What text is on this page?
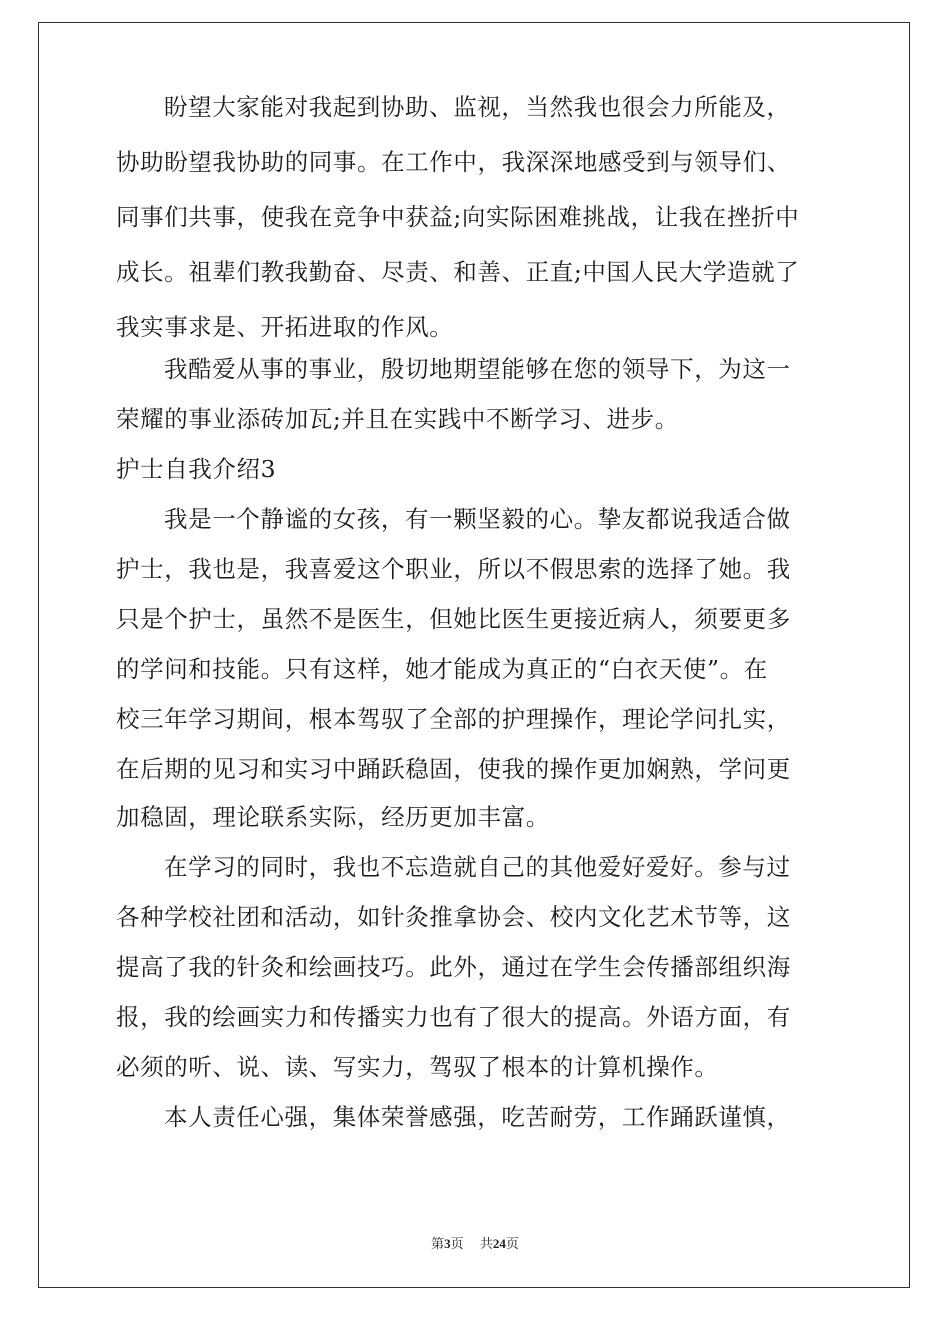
盼望大家能对我起到协助、监视，当然我也很会力所能及，
协助盼望我协助的同事。在工作中，我深深地感受到与领导们、
同事们共事，使我在竞争中获益;向实际困难挑战，让我在挫折中
成长。祖辈们教我勤奋、尽责、和善、正直;中国人民大学造就了
我实事求是、开拓进取的作风。
我酷爱从事的事业，殷切地期望能够在您的领导下，为这一
荣耀的事业添砖加瓦;并且在实践中不断学习、进步。
护士自我介绍3
我是一个静谧的女孩，有一颗坚毅的心。挚友都说我适合做
护士，我也是，我喜爱这个职业，所以不假思索的选择了她。我
只是个护士，虽然不是医生，但她比医生更接近病人，须要更多
的学问和技能。只有这样，她才能成为真正的“白衣天使”。在
校三年学习期间，根本驾驭了全部的护理操作，理论学问扎实，
在后期的见习和实习中踊跃稳固，使我的操作更加娴熟，学问更
加稳固，理论联系实际，经历更加丰富。
在学习的同时，我也不忘造就自己的其他爱好爱好。参与过
各种学校社团和活动，如针灸推拿协会、校内文化艺术节等，这
提高了我的针灸和绘画技巧。此外，通过在学生会传播部组织海
报，我的绘画实力和传播实力也有了很大的提高。外语方面，有
必须的听、说、读、写实力，驾驭了根本的计算机操作。
本人责任心强，集体荣誉感强，吃苦耐劳，工作踊跃谨慎，
第3页 共24页
